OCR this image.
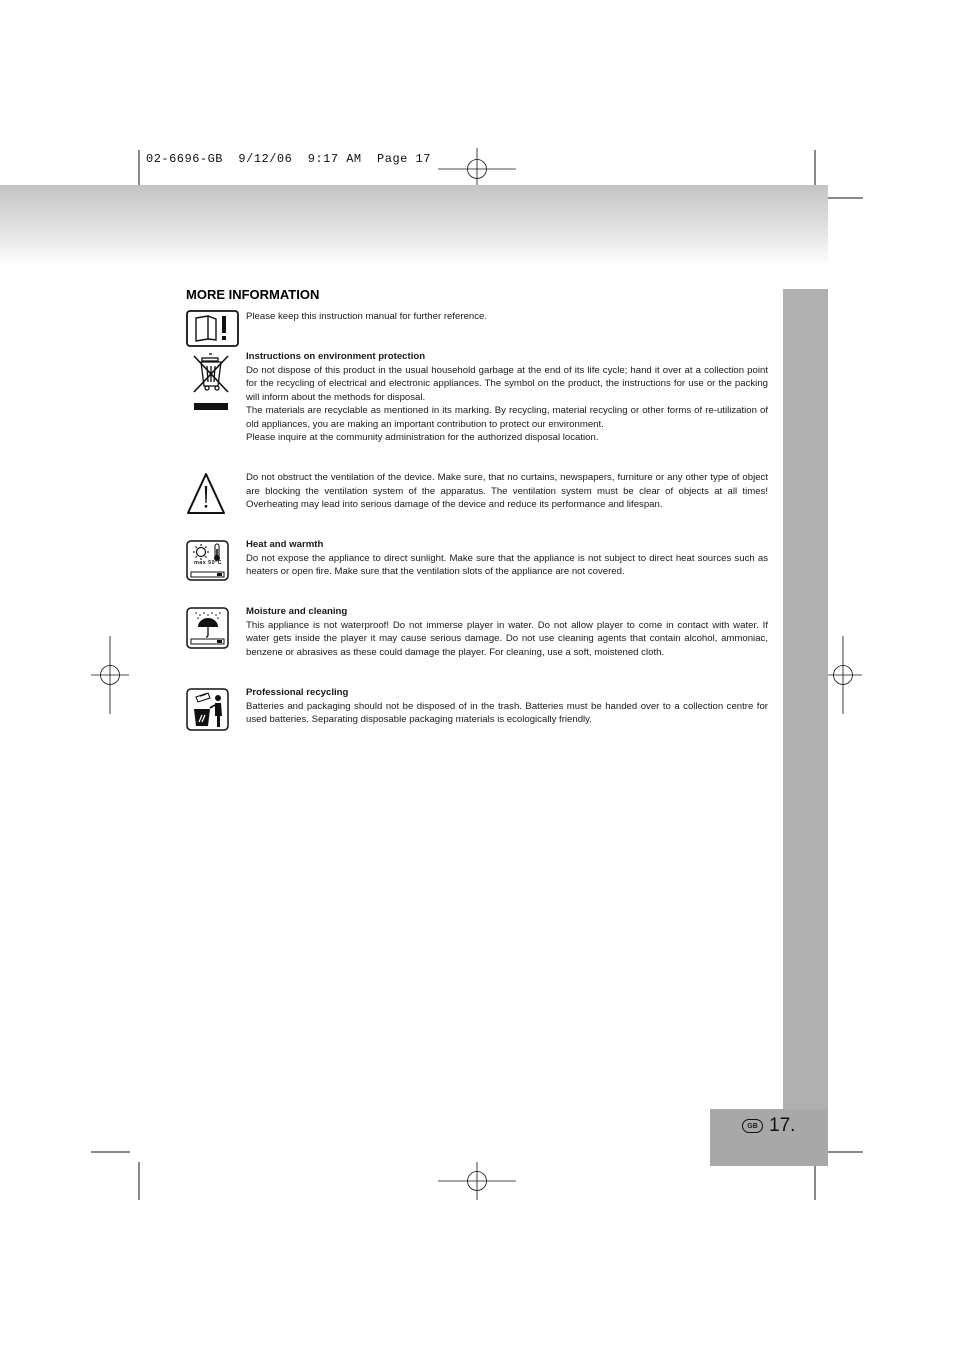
02-6696-GB  9/12/06  9:17 AM  Page 17
GB 17.
MORE INFORMATION
Please keep this instruction manual for further reference.
Instructions on environment protection
Do not dispose of this product in the usual household garbage at the end of its life cycle; hand it over at a collection point for the recycling of electrical and electronic appliances. The symbol on the product, the instructions for use or the packing will inform about the methods for disposal.
The materials are recyclable as mentioned in its marking. By recycling, material recycling or other forms of re-utilization of old appliances, you are making an important contribution to protect our environment.
Please inquire at the community administration for the authorized disposal location.
Do not obstruct the ventilation of the device. Make sure, that no curtains, newspapers, furniture or any other type of object are blocking the ventilation system of the apparatus. The ventilation system must be clear of objects at all times! Overheating may lead into serious damage of the device and reduce its performance and lifespan.
max 50°C
Heat and warmth
Do not expose the appliance to direct sunlight. Make sure that the appliance is not subject to direct heat sources such as heaters or open fire. Make sure that the ventilation slots of the appliance are not covered.
Moisture and cleaning
This appliance is not waterproof! Do not immerse player in water. Do not allow player to come in contact with water. If water gets inside the player it may cause serious damage. Do not use cleaning agents that contain alcohol, ammoniac, benzene or abrasives as these could damage the player. For cleaning, use a soft, moistened cloth.
Professional recycling
Batteries and packaging should not be disposed of in the trash. Batteries must be handed over to a collection centre for used batteries. Separating disposable packaging materials is ecologically friendly.
